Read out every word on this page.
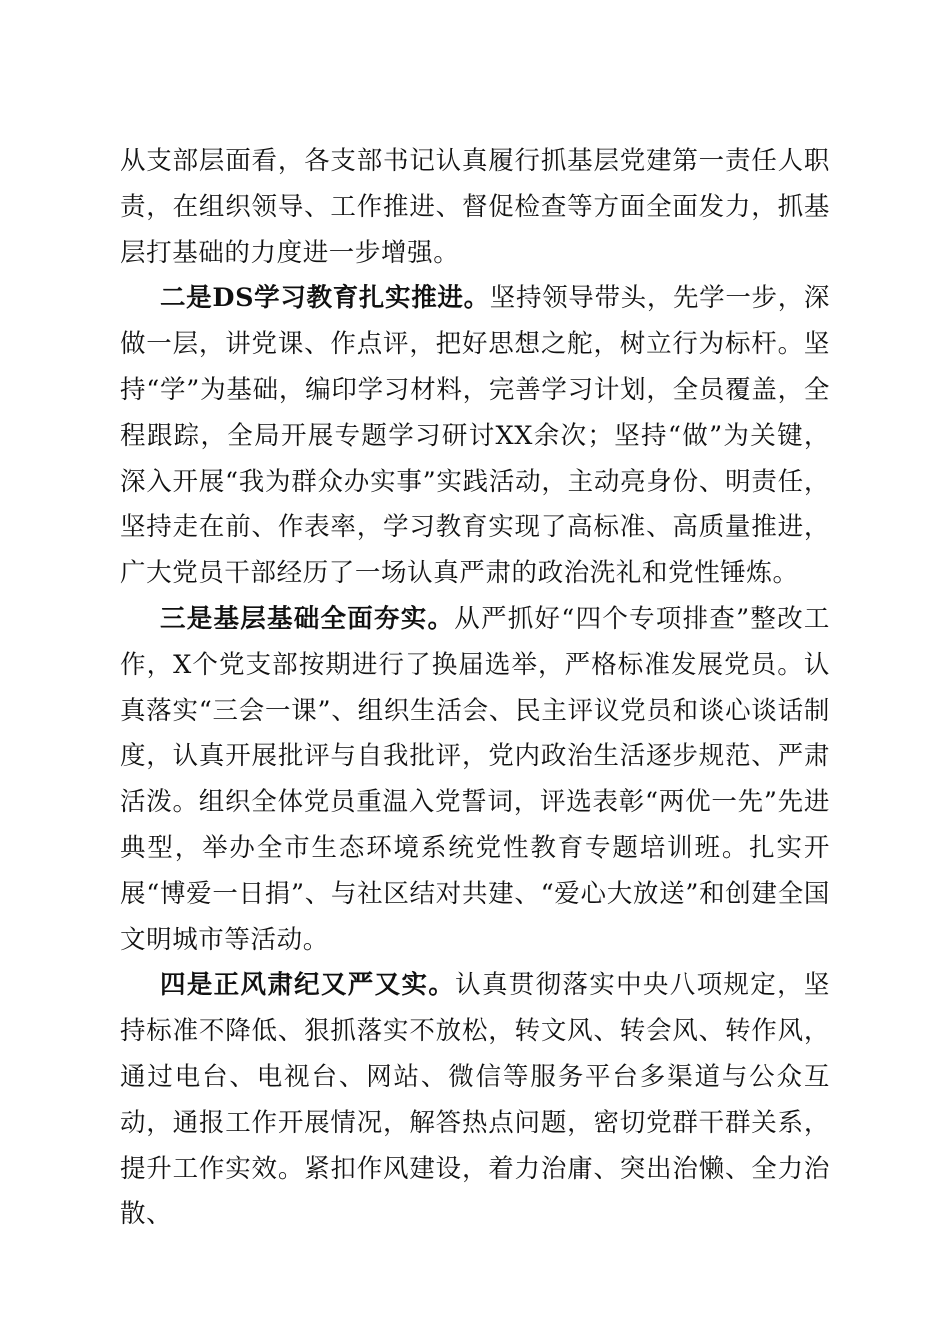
从支部层面看，各支部书记认真履行抓基层党建第一责任人职责，在组织领导、工作推进、督促检查等方面全面发力，抓基层打基础的力度进一步增强。

二是DS学习教育扎实推进。坚持领导带头，先学一步，深做一层，讲党课、作点评，把好思想之舵，树立行为标杆。坚持“学”为基础，编印学习材料，完善学习计划，全员覆盖，全程跟踪，全局开展专题学习研讨XX余次；坚持“做”为关键，深入开展“我为群众办实事”实践活动，主动亮身份、明责任，坚持走在前、作表率，学习教育实现了高标准、高质量推进，广大党员干部经历了一场认真严肃的政治洗礼和党性锤炼。

三是基层基础全面夯实。从严抓好“四个专项排查”整改工作，X个党支部按期进行了换届选举，严格标准发展党员。认真落实“三会一课”、组织生活会、民主评议党员和谈心谈话制度，认真开展批评与自我批评，党内政治生活逐步规范、严肃活泼。组织全体党员重温入党誓词，评选表彰“两优一先”先进典型，举办全市生态环境系统党性教育专题培训班。扎实开展“博爱一日捐”、与社区结对共建、“爱心大放送”和创建全国文明城市等活动。

四是正风肃纪又严又实。认真贯彻落实中央八项规定，坚持标准不降低、狠抓落实不放松，转文风、转会风、转作风，通过电台、电视台、网站、微信等服务平台多渠道与公众互动，通报工作开展情况，解答热点问题，密切党群干群关系，提升工作实效。紧扣作风建设，着力治庸、突出治懒、全力治散、
